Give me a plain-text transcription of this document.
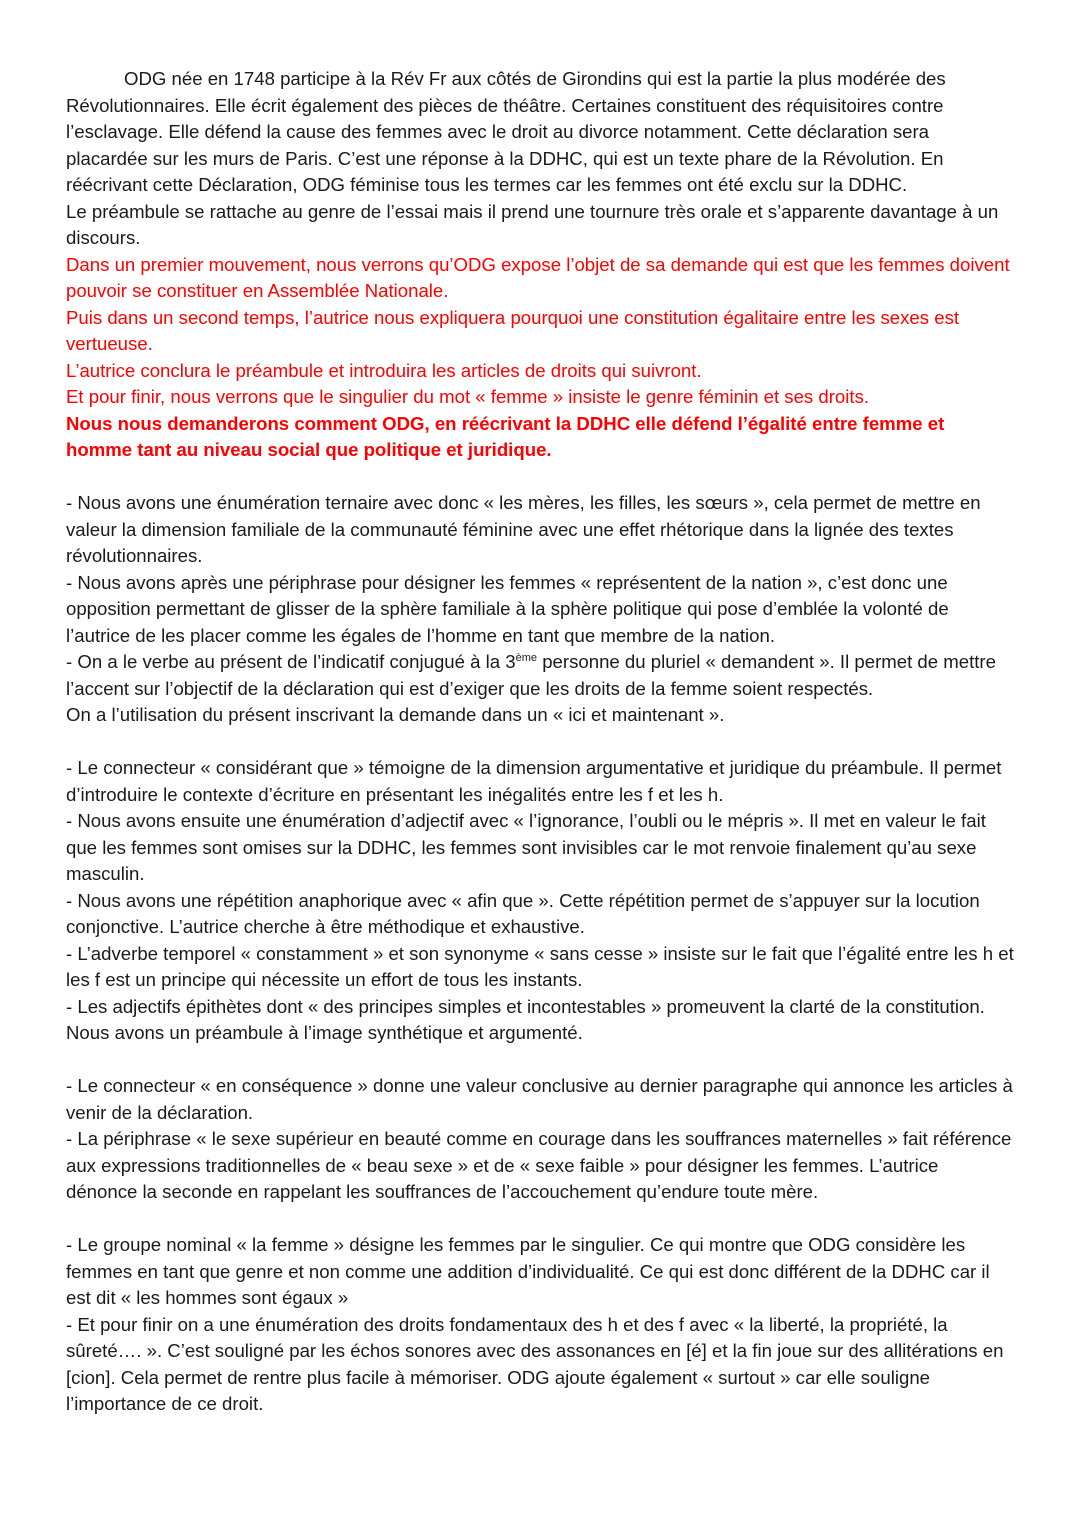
ODG née en 1748 participe à la Rév Fr aux côtés de Girondins qui est la partie la plus modérée des Révolutionnaires. Elle écrit également des pièces de théâtre. Certaines constituent des réquisitoires contre l’esclavage. Elle défend la cause des femmes avec le droit au divorce notamment. Cette déclaration sera placardée sur les murs de Paris. C’est une réponse à la DDHC, qui est un texte phare de la Révolution. En réécrivant cette Déclaration, ODG féminise tous les termes car les femmes ont été exclu sur la DDHC.

Le préambule se rattache au genre de l’essai mais il prend une tournure très orale et s’apparente davantage à un discours.

Dans un premier mouvement, nous verrons qu’ODG expose l’objet de sa demande qui est que les femmes doivent pouvoir se constituer en Assemblée Nationale.

Puis dans un second temps, l’autrice nous expliquera pourquoi une constitution égalitaire entre les sexes est vertueuse.

L’autrice conclura le préambule et introduira les articles de droits qui suivront.

Et pour finir, nous verrons que le singulier du mot « femme » insiste le genre féminin et ses droits.

Nous nous demanderons comment ODG, en réécrivant la DDHC elle défend l’égalité entre femme et homme tant au niveau social que politique et juridique.

- Nous avons une énumération ternaire avec donc « les mères, les filles, les sœurs », cela permet de mettre en valeur la dimension familiale de la communauté féminine avec une effet rhétorique dans la lignée des textes révolutionnaires.

- Nous avons après une périphrase pour désigner les femmes « représentent de la nation », c’est donc une opposition permettant de glisser de la sphère familiale à la sphère politique qui pose d’emblée la volonté de l’autrice de les placer comme les égales de l’homme en tant que membre de la nation.

- On a le verbe au présent de l’indicatif conjugué à la 3ème personne du pluriel « demandent ». Il permet de mettre l’accent sur l’objectif de la déclaration qui est d’exiger que les droits de la femme soient respectés.

On a l’utilisation du présent inscrivant la demande dans un « ici et maintenant ».

- Le connecteur « considérant que » témoigne de la dimension argumentative et juridique du préambule. Il permet d’introduire le contexte d’écriture en présentant les inégalités entre les f et les h.

- Nous avons ensuite une énumération d’adjectif avec « l’ignorance, l’oubli ou le mépris ». Il met en valeur le fait que les femmes sont omises sur la DDHC, les femmes sont invisibles car le mot renvoie finalement qu’au sexe masculin.

- Nous avons une répétition anaphorique avec « afin que ». Cette répétition permet de s’appuyer sur la locution conjonctive. L’autrice cherche à être méthodique et exhaustive.

- L’adverbe temporel « constamment » et son synonyme « sans cesse » insiste sur le fait que l’égalité entre les h et les f est un principe qui nécessite un effort de tous les instants.

- Les adjectifs épithètes dont « des principes simples et incontestables » promeuvent la clarté de la constitution. Nous avons un préambule à l’image synthétique et argumenté.

- Le connecteur « en conséquence » donne une valeur conclusive au dernier paragraphe qui annonce les articles à venir de la déclaration.

- La périphrase « le sexe supérieur en beauté comme en courage dans les souffrances maternelles » fait référence aux expressions traditionnelles de « beau sexe » et de « sexe faible » pour désigner les femmes. L’autrice dénonce la seconde en rappelant les souffrances de l’accouchement qu’endure toute mère.

- Le groupe nominal « la femme » désigne les femmes par le singulier. Ce qui montre que ODG considère les femmes en tant que genre et non comme une addition d’individualité. Ce qui est donc différent de la DDHC car il est dit « les hommes sont égaux »

- Et pour finir on a une énumération des droits fondamentaux des h et des f avec « la liberté, la propriété, la sûreté…. ». C’est souligné par les échos sonores avec des assonances en [é] et la fin joue sur des allitérations en [cion]. Cela permet de rentre plus facile à mémoriser. ODG ajoute également « surtout » car elle souligne l’importance de ce droit.
